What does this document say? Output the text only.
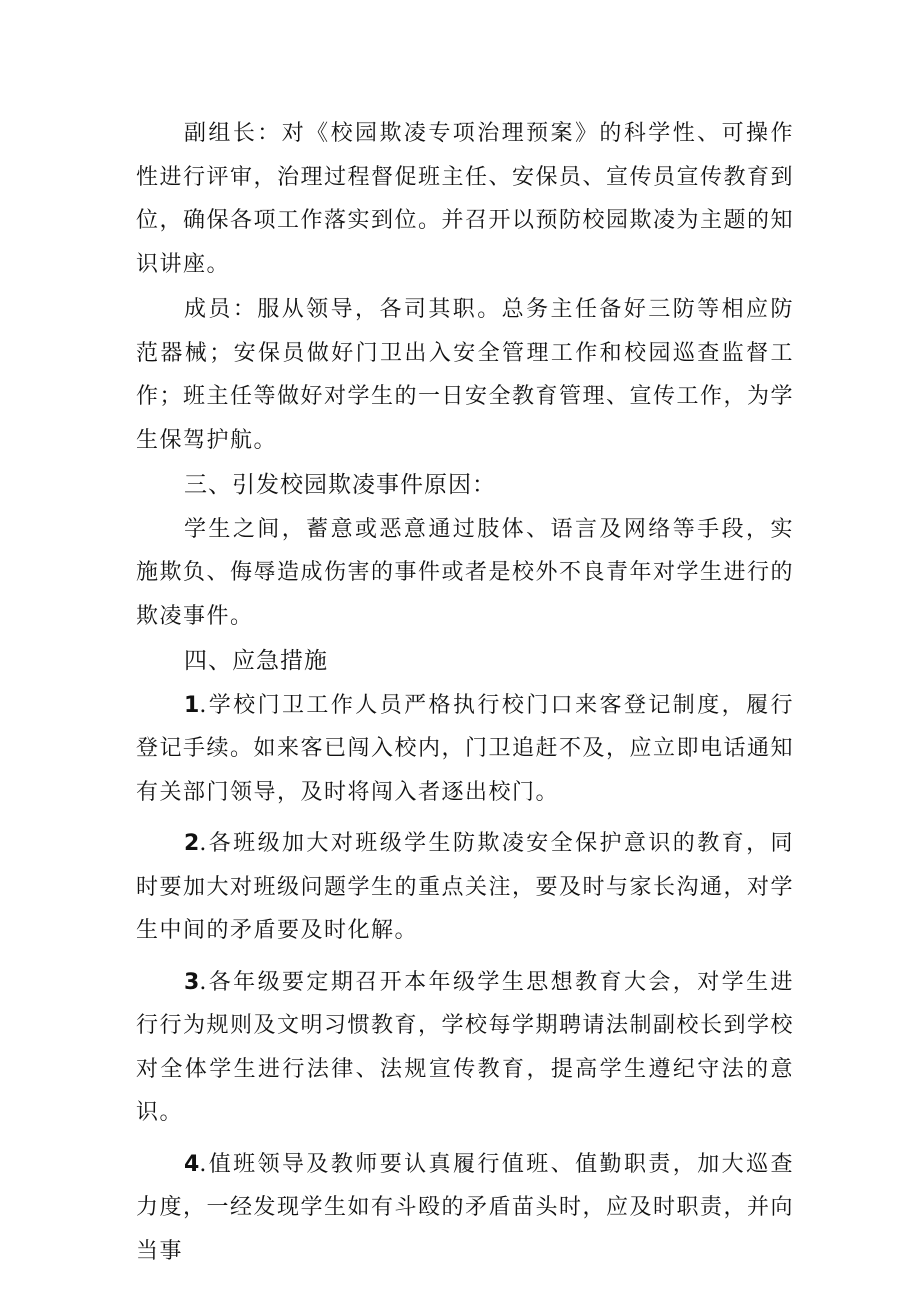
副组长：对《校园欺凌专项治理预案》的科学性、可操作性进行评审，治理过程督促班主任、安保员、宣传员宣传教育到位，确保各项工作落实到位。并召开以预防校园欺凌为主题的知识讲座。

成员：服从领导，各司其职。总务主任备好三防等相应防范器械；安保员做好门卫出入安全管理工作和校园巡查监督工作；班主任等做好对学生的一日安全教育管理、宣传工作，为学生保驾护航。

三、引发校园欺凌事件原因：

学生之间，蓄意或恶意通过肢体、语言及网络等手段，实施欺负、侮辱造成伤害的事件或者是校外不良青年对学生进行的欺凌事件。

四、应急措施

1.学校门卫工作人员严格执行校门口来客登记制度，履行登记手续。如来客已闯入校内，门卫追赶不及，应立即电话通知有关部门领导，及时将闯入者逐出校门。

2.各班级加大对班级学生防欺凌安全保护意识的教育，同时要加大对班级问题学生的重点关注，要及时与家长沟通，对学生中间的矛盾要及时化解。

3.各年级要定期召开本年级学生思想教育大会，对学生进行行为规则及文明习惯教育，学校每学期聘请法制副校长到学校对全体学生进行法律、法规宣传教育，提高学生遵纪守法的意识。

4.值班领导及教师要认真履行值班、值勤职责，加大巡查力度，一经发现学生如有斗殴的矛盾苗头时，应及时职责，并向当事
